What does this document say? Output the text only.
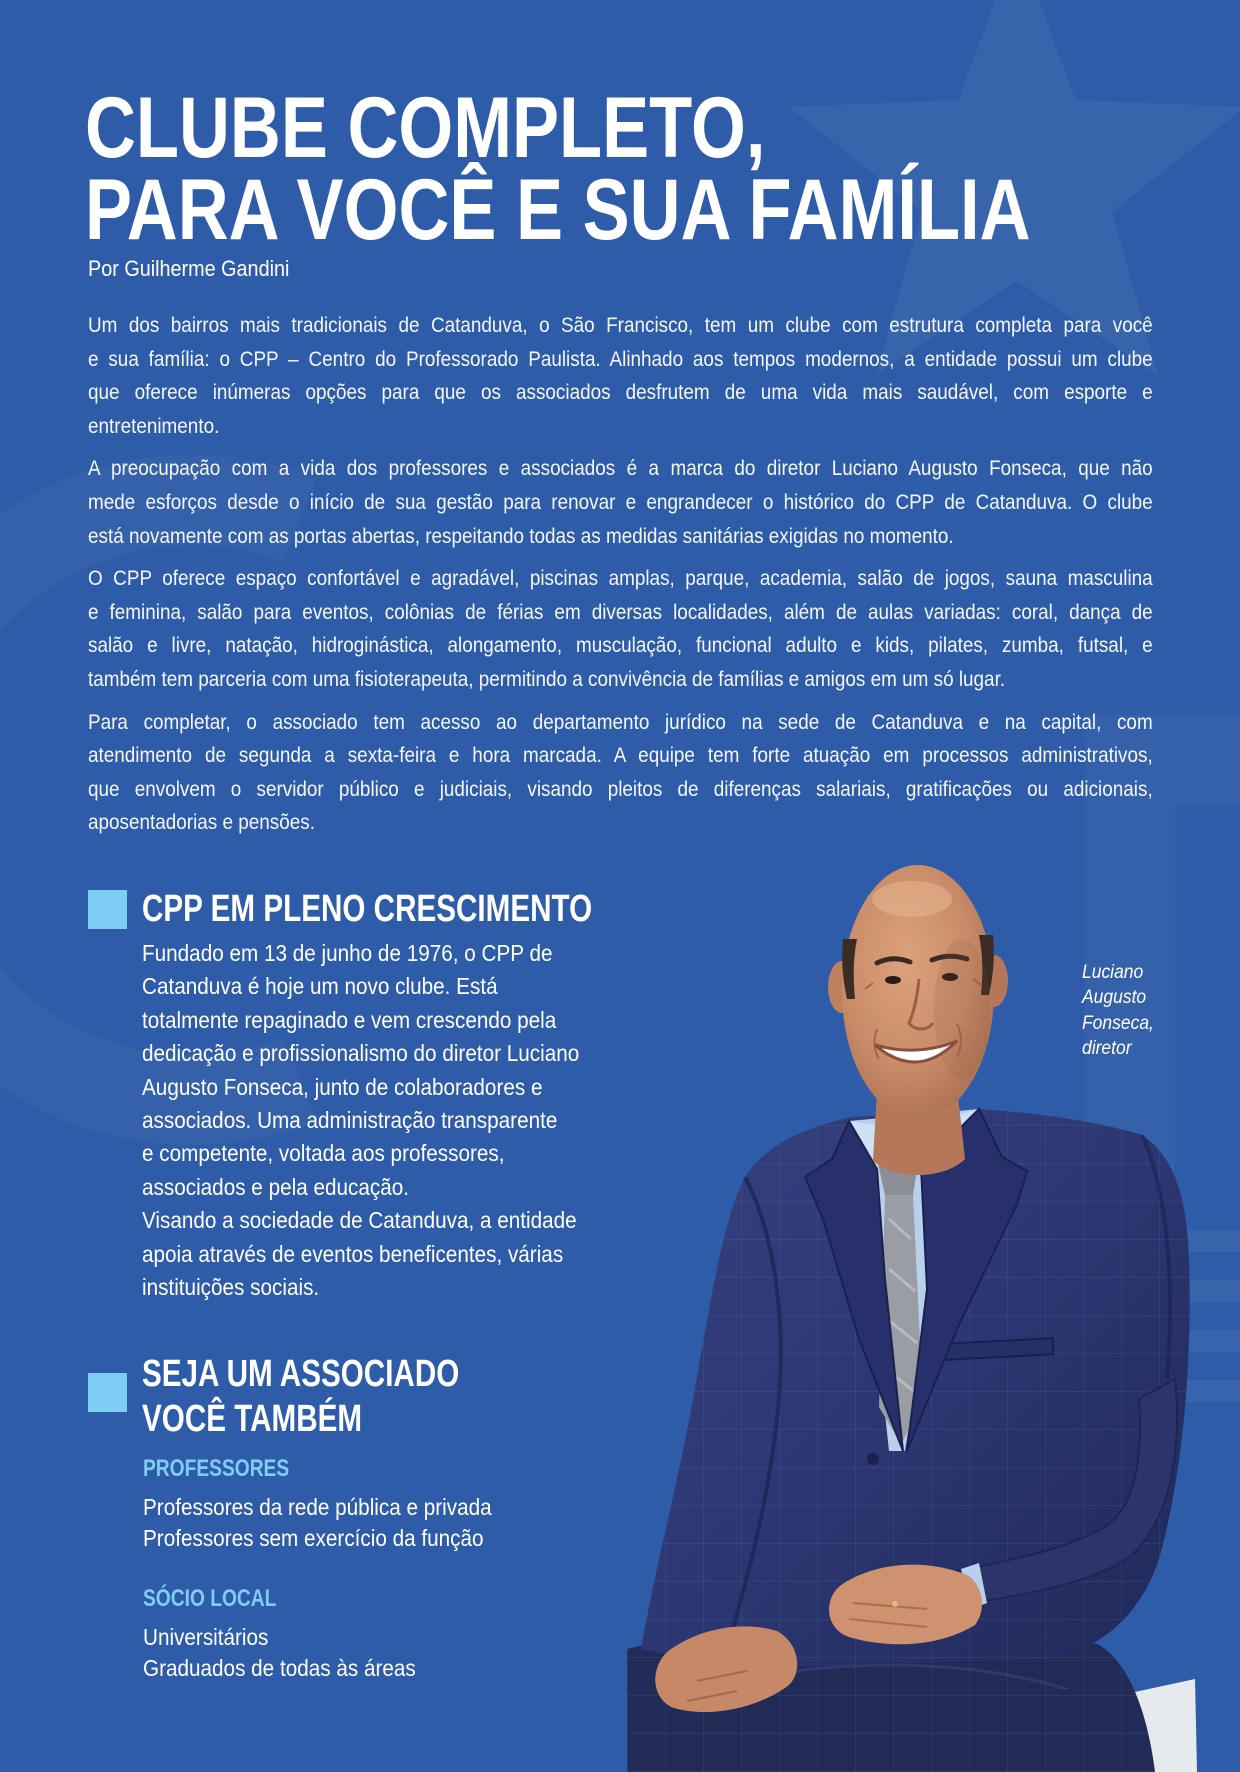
CLUBE COMPLETO,
PARA VOCÊ E SUA FAMÍLIA
Por Guilherme Gandini
Um dos bairros mais tradicionais de Catanduva, o São Francisco, tem um clube com estrutura completa para você
e sua família: o CPP – Centro do Professorado Paulista. Alinhado aos tempos modernos, a entidade possui um clube
que oferece inúmeras opções para que os associados desfrutem de uma vida mais saudável, com esporte e
entretenimento.
A preocupação com a vida dos professores e associados é a marca do diretor Luciano Augusto Fonseca, que não
mede esforços desde o início de sua gestão para renovar e engrandecer o histórico do CPP de Catanduva. O clube
está novamente com as portas abertas, respeitando todas as medidas sanitárias exigidas no momento.
O CPP oferece espaço confortável e agradável, piscinas amplas, parque, academia, salão de jogos, sauna masculina
e feminina, salão para eventos, colônias de férias em diversas localidades, além de aulas variadas: coral, dança de
salão e livre, natação, hidroginástica, alongamento, musculação, funcional adulto e kids, pilates, zumba, futsal, e
também tem parceria com uma fisioterapeuta, permitindo a convivência de famílias e amigos em um só lugar.
Para completar, o associado tem acesso ao departamento jurídico na sede de Catanduva e na capital, com
atendimento de segunda a sexta-feira e hora marcada. A equipe tem forte atuação em processos administrativos,
que envolvem o servidor público e judiciais, visando pleitos de diferenças salariais, gratificações ou adicionais,
aposentadorias e pensões.
CPP EM PLENO CRESCIMENTO
Fundado em 13 de junho de 1976, o CPP de
Catanduva é hoje um novo clube. Está
totalmente repaginado e vem crescendo pela
dedicação e profissionalismo do diretor Luciano
Augusto Fonseca, junto de colaboradores e
associados. Uma administração transparente
e competente, voltada aos professores,
associados e pela educação.
Visando a sociedade de Catanduva, a entidade
apoia através de eventos beneficentes, várias
instituições sociais.
SEJA UM ASSOCIADO
VOCÊ TAMBÉM
PROFESSORES
Professores da rede pública e privada
Professores sem exercício da função
SÓCIO LOCAL
Universitários
Graduados de todas às áreas
Luciano
Augusto
Fonseca,
diretor
